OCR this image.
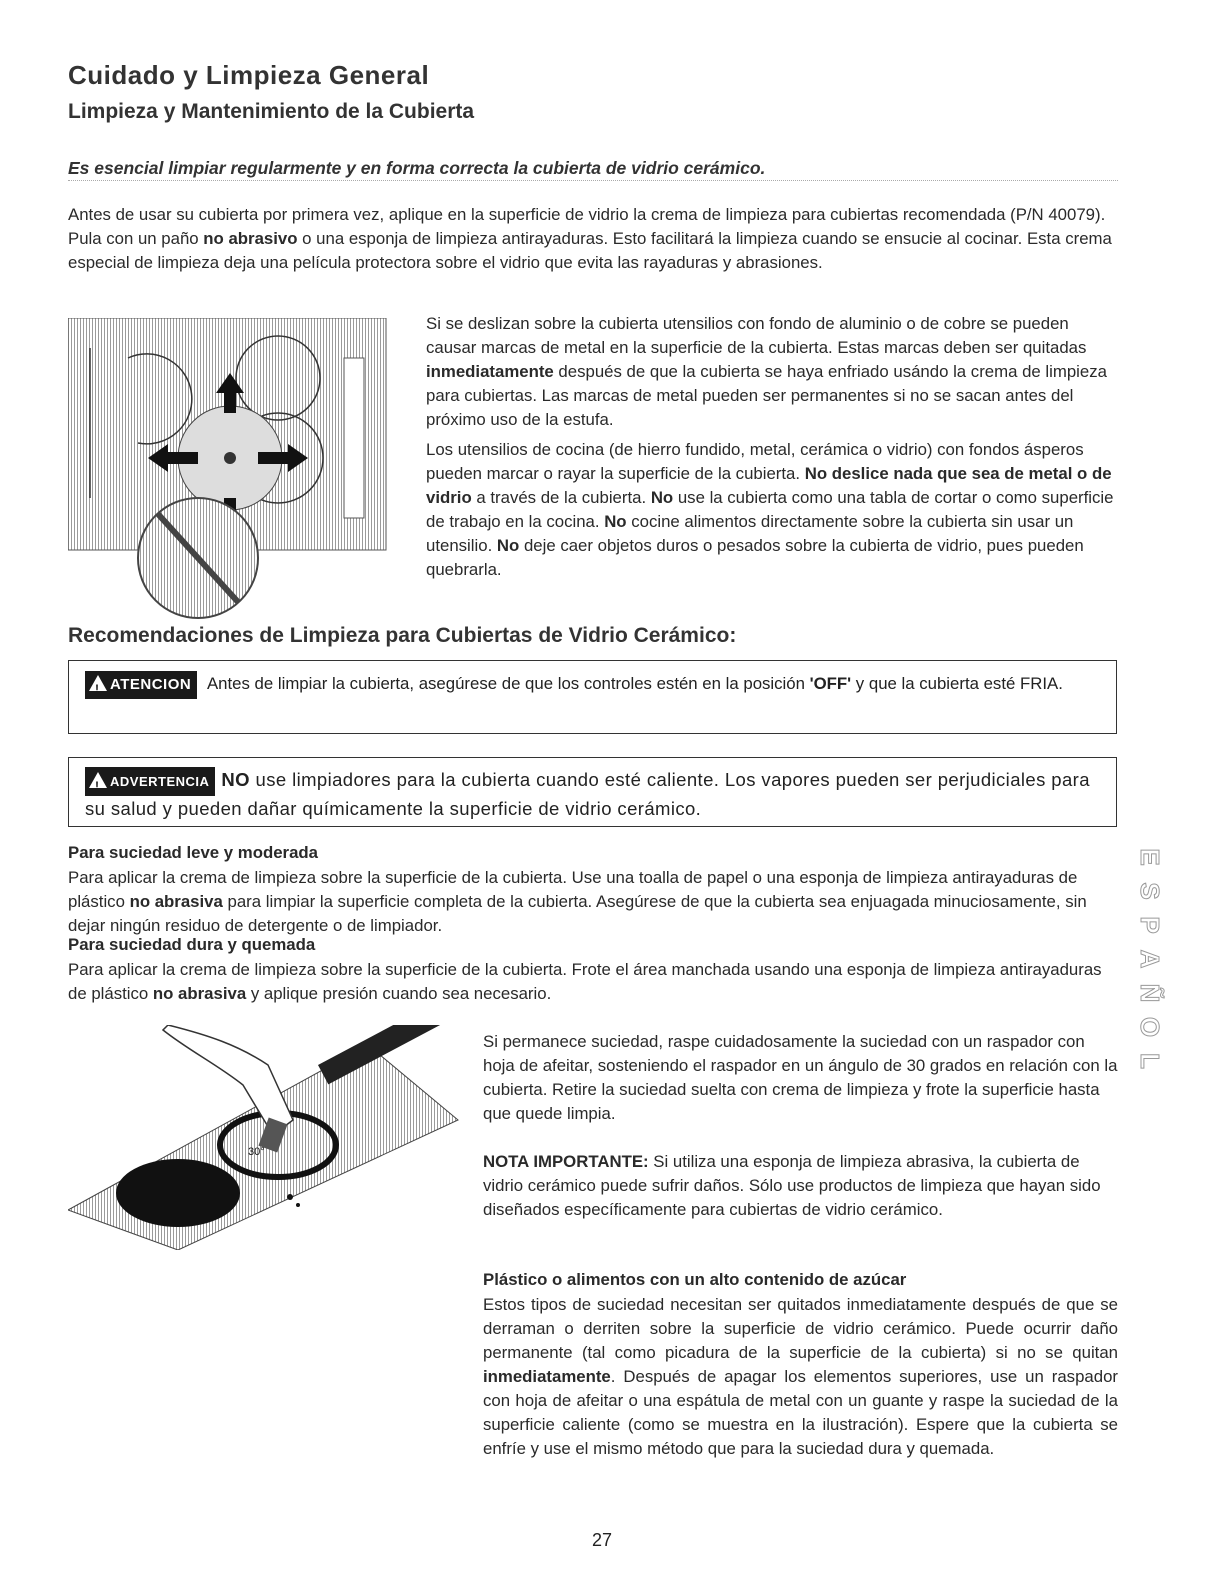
Cuidado y Limpieza General
Limpieza y Mantenimiento de la Cubierta
Es esencial limpiar regularmente y en forma correcta la cubierta de vidrio cerámico.

Antes de usar su cubierta por primera vez, aplique en la superficie de vidrio la crema de limpieza para cubiertas recomendada (P/N 40079). Pula con un paño no abrasivo o una esponja de limpieza antirayaduras. Esto facilitará la limpieza cuando se ensucie al cocinar. Esta crema especial de limpieza deja una película protectora sobre el vidrio que evita las rayaduras y abrasiones.

Si se deslizan sobre la cubierta utensilios con fondo de aluminio o de cobre se pueden causar marcas de metal en la superficie de la cubierta. Estas marcas deben ser quitadas inmediatamente después de que la cubierta se haya enfriado usándo la crema de limpieza para cubiertas. Las marcas de metal pueden ser permanentes si no se sacan antes del próximo uso de la estufa.

Los utensilios de cocina (de hierro fundido, metal, cerámica o vidrio) con fondos ásperos pueden marcar o rayar la superficie de la cubierta. No deslice nada que sea de metal o de vidrio a través de la cubierta. No use la cubierta como una tabla de cortar o como superficie de trabajo en la cocina. No cocine alimentos directamente sobre la cubierta sin usar un utensilio. No deje caer objetos duros o pesados sobre la cubierta de vidrio, pues pueden quebrarla.

Recomendaciones de Limpieza para Cubiertas de Vidrio Cerámico:
!ATENCION Antes de limpiar la cubierta, asegúrese de que los controles estén en la posición 'OFF' y que la cubierta esté FRIA.
!ADVERTENCIA NO use limpiadores para la cubierta cuando esté caliente. Los vapores pueden ser perjudiciales para su salud y pueden dañar químicamente la superficie de vidrio cerámico.
Para suciedad leve y moderada

Para aplicar la crema de limpieza sobre la superficie de la cubierta. Use una toalla de papel o una esponja de limpieza antirayaduras de plástico no abrasiva para limpiar la superficie completa de la cubierta. Asegúrese de que la cubierta sea enjuagada minuciosamente, sin dejar ningún residuo de detergente o de limpiador.

Para suciedad dura y quemada

Para aplicar la crema de limpieza sobre la superficie de la cubierta. Frote el área manchada usando una esponja de limpieza antirayaduras de plástico no abrasiva y aplique presión cuando sea necesario.

E
S
P
A
Ñ
O
L
30°

Si permanece suciedad, raspe cuidadosamente la suciedad con un raspador con hoja de afeitar, sosteniendo el raspador en un ángulo de 30 grados en relación con la cubierta. Retire la suciedad suelta con crema de limpieza y frote la superficie hasta que quede limpia.

NOTA IMPORTANTE: Si utiliza una esponja de limpieza abrasiva, la cubierta de vidrio cerámico puede sufrir daños. Sólo use productos de limpieza que hayan sido diseñados específicamente para cubiertas de vidrio cerámico.

Plástico o alimentos con un alto contenido de azúcar

Estos tipos de suciedad necesitan ser quitados inmediatamente después de que se derraman o derriten sobre la superficie de vidrio cerámico. Puede ocurrir daño permanente (tal como picadura de la superficie de la cubierta) si no se quitan inmediatamente. Después de apagar los elementos superiores, use un raspador con hoja de afeitar o una espátula de metal con un guante y raspe la suciedad de la superficie caliente (como se muestra en la ilustración). Espere que la cubierta se enfríe y use el mismo método que para la suciedad dura y quemada.

27
